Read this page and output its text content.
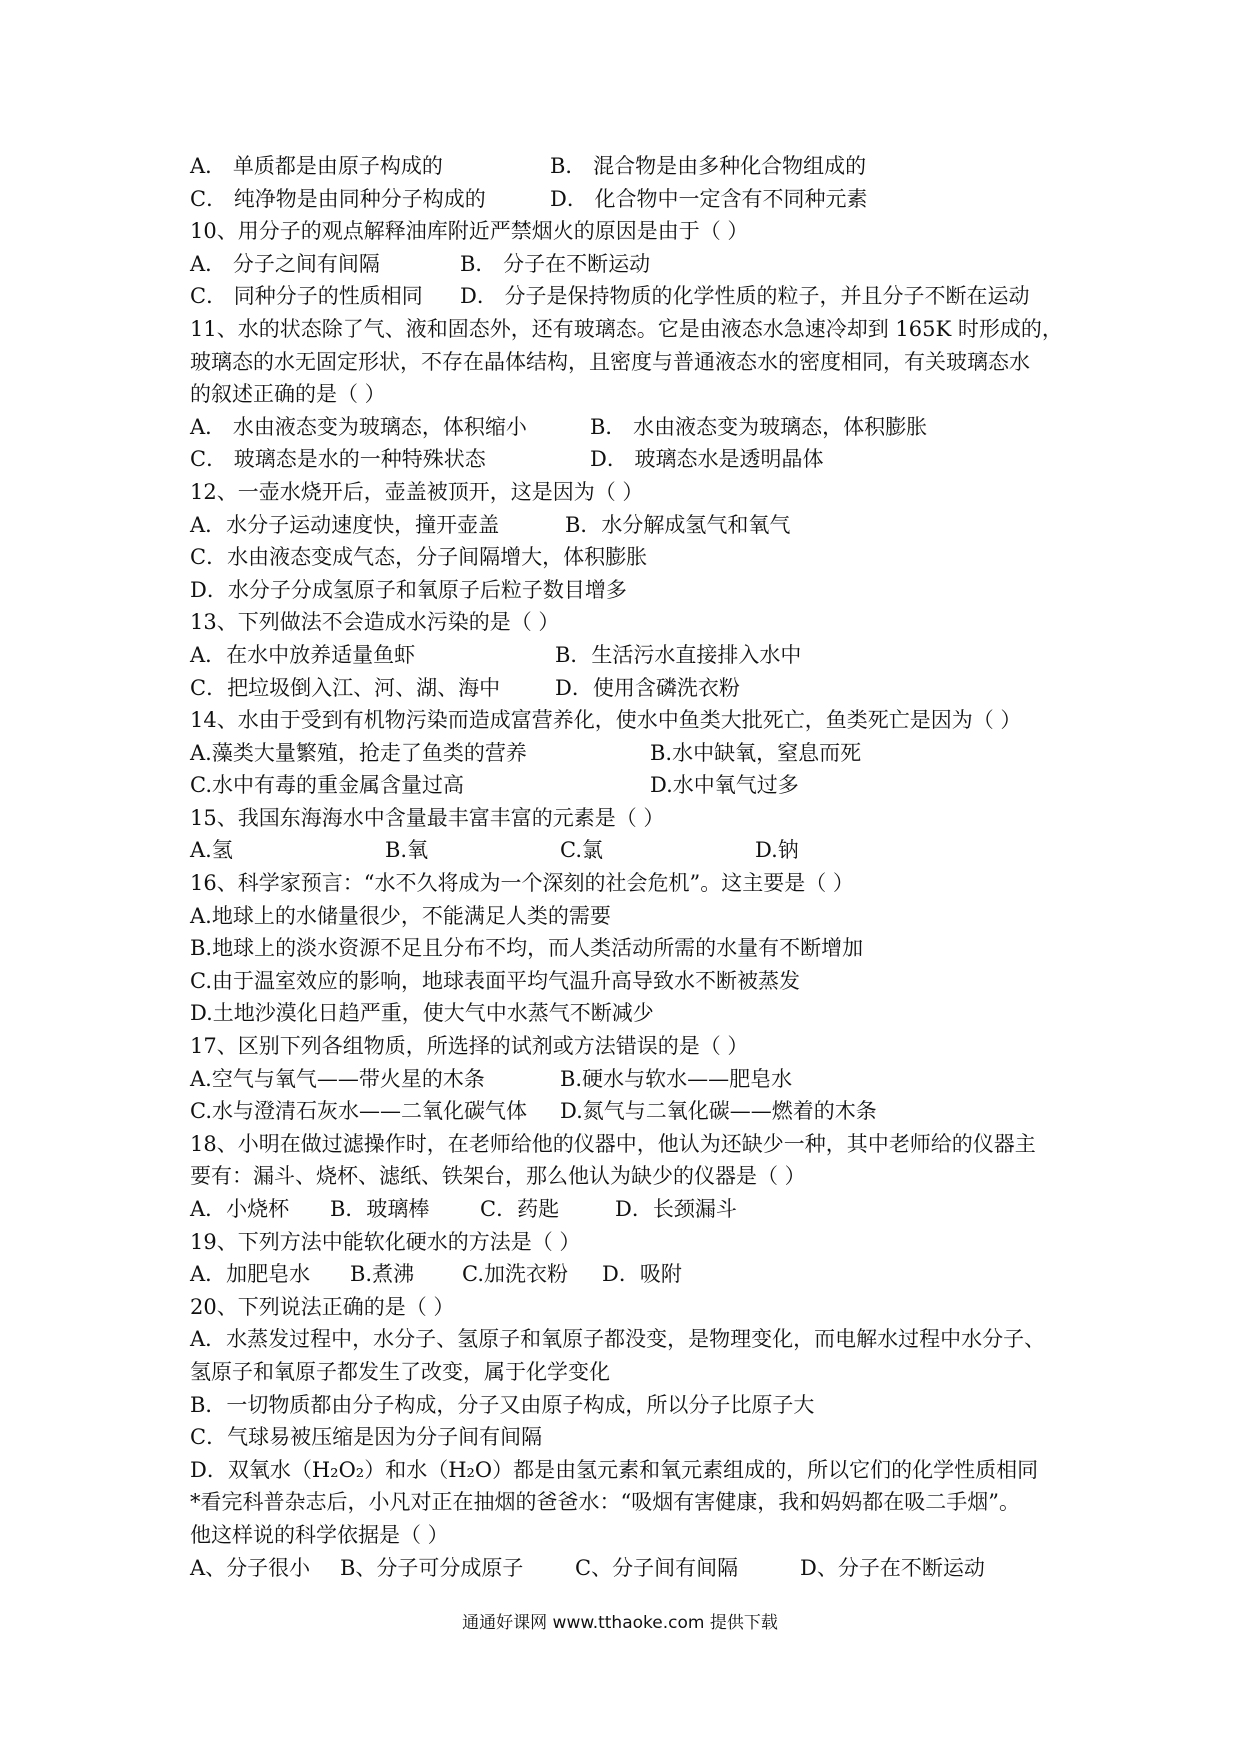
A． 单质都是由原子构成的	B． 混合物是由多种化合物组成的
C． 纯净物是由同种分子构成的	D． 化合物中一定含有不同种元素
10、用分子的观点解释油库附近严禁烟火的原因是由于（ ）
A． 分子之间有间隔	B． 分子在不断运动
C． 同种分子的性质相同 D． 分子是保持物质的化学性质的粒子，并且分子不断在运动
11、水的状态除了气、液和固态外，还有玻璃态。它是由液态水急速冷却到 165K 时形成的，
玻璃态的水无固定形状，不存在晶体结构，且密度与普通液态水的密度相同，有关玻璃态水
的叙述正确的是（ ）
A． 水由液态变为玻璃态，体积缩小	B． 水由液态变为玻璃态，体积膨胀
C． 玻璃态是水的一种特殊状态	D． 玻璃态水是透明晶体
12、一壶水烧开后，壶盖被顶开，这是因为（ ）
A．水分子运动速度快，撞开壶盖	B．水分解成氢气和氧气
C．水由液态变成气态，分子间隔增大，体积膨胀
D．水分子分成氢原子和氧原子后粒子数目增多
13、下列做法不会造成水污染的是（ ）
A．在水中放养适量鱼虾	B．生活污水直接排入水中
C．把垃圾倒入江、河、湖、海中	D．使用含磷洗衣粉
14、水由于受到有机物污染而造成富营养化，使水中鱼类大批死亡，鱼类死亡是因为（ ）
A.藻类大量繁殖，抢走了鱼类的营养	B.水中缺氧，窒息而死
C.水中有毒的重金属含量过高	D.水中氧气过多
15、我国东海海水中含量最丰富丰富的元素是（ ）
A.氢	B.氧	C.氯	D.钠
16、科学家预言：“水不久将成为一个深刻的社会危机”。这主要是（ ）
A.地球上的水储量很少，不能满足人类的需要
B.地球上的淡水资源不足且分布不均，而人类活动所需的水量有不断增加
C.由于温室效应的影响，地球表面平均气温升高导致水不断被蒸发
D.土地沙漠化日趋严重，使大气中水蒸气不断减少
17、区别下列各组物质，所选择的试剂或方法错误的是（ ）
A.空气与氧气——带火星的木条	B.硬水与软水——肥皂水
C.水与澄清石灰水——二氧化碳气体 D.氮气与二氧化碳——燃着的木条
18、小明在做过滤操作时，在老师给他的仪器中，他认为还缺少一种，其中老师给的仪器主
要有：漏斗、烧杯、滤纸、铁架台，那么他认为缺少的仪器是（ ）
A．小烧杯 B．玻璃棒 C．药匙	D．长颈漏斗
19、下列方法中能软化硬水的方法是（ ）
A．加肥皂水 B.煮沸 C.加洗衣粉 D．吸附
20、下列说法正确的是（ ）
A．水蒸发过程中，水分子、氢原子和氧原子都没变，是物理变化，而电解水过程中水分子、
氢原子和氧原子都发生了改变，属于化学变化
B．一切物质都由分子构成，分子又由原子构成，所以分子比原子大
C．气球易被压缩是因为分子间有间隔
D．双氧水（H₂O₂）和水（H₂O）都是由氢元素和氧元素组成的，所以它们的化学性质相同
*看完科普杂志后，小凡对正在抽烟的爸爸水：“吸烟有害健康，我和妈妈都在吸二手烟”。
他这样说的科学依据是（ ）
A、分子很小 B、分子可分成原子 C、分子间有间隔	D、分子在不断运动
通通好课网 www.tthaoke.com 提供下载
